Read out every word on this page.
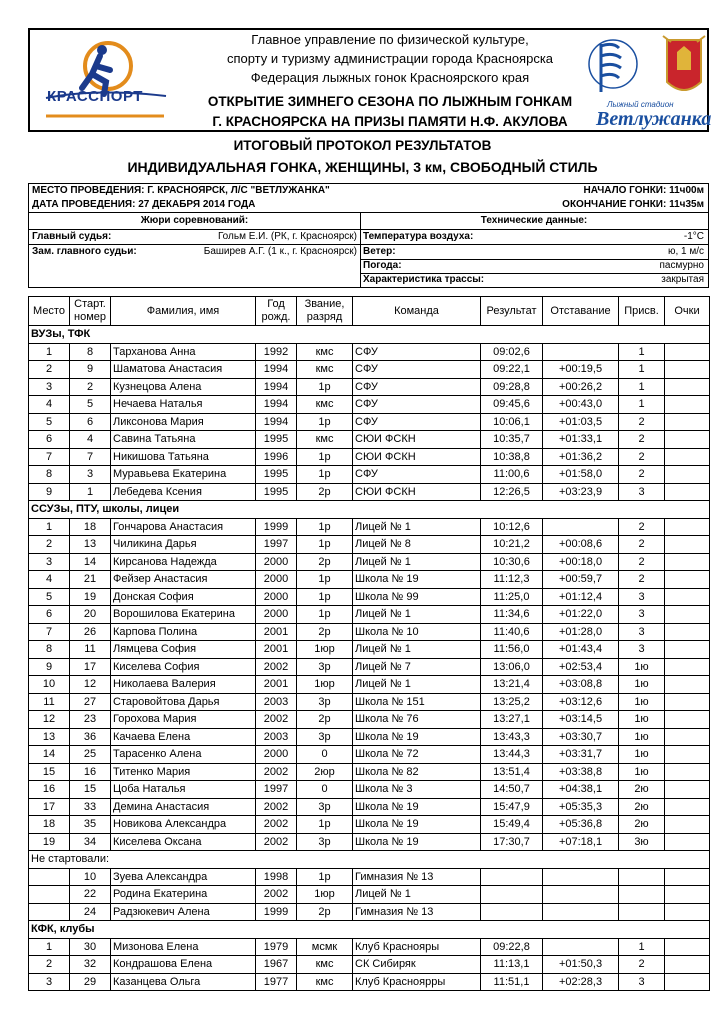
КРАССПОРТ
Главное управление по физической культуре,
спорту и туризму администрации города Красноярска
Федерация лыжных гонок Красноярского края
ОТКРЫТИЕ ЗИМНЕГО СЕЗОНА ПО ЛЫЖНЫМ ГОНКАМ
Г. КРАСНОЯРСКА НА ПРИЗЫ ПАМЯТИ Н.Ф. АКУЛОВА
Лыжный стадион
Ветлужанка
ИТОГОВЫЙ ПРОТОКОЛ РЕЗУЛЬТАТОВ
ИНДИВИДУАЛЬНАЯ ГОНКА, ЖЕНЩИНЫ, 3 км, СВОБОДНЫЙ СТИЛЬ
МЕСТО ПРОВЕДЕНИЯ: Г. КРАСНОЯРСК, Л/С "ВЕТЛУЖАНКА"	НАЧАЛО ГОНКИ: 11ч00м
ДАТА ПРОВЕДЕНИЯ: 27 ДЕКАБРЯ 2014 ГОДА	ОКОНЧАНИЕ ГОНКИ: 11ч35м
Жюри соревнований:	Технические данные:
Главный судья:	Гольм Е.И. (РК, г. Красноярск) Температура воздуха:	-1°C
Зам. главного судьи:	Баширев А.Г. (1 к., г. Красноярск) Ветер:	ю, 1 м/с
Погода:	пасмурно
Характеристика трассы:	закрытая
Место	Старт. номер	Фамилия, имя	Год рожд.	Звание, разряд	Команда	Результат	Отставание	Присв.	Очки
ВУЗы, ТФК									
1	8	Тарханова Анна	1992	кмс	СФУ	09:02,6		1	
2	9	Шаматова Анастасия	1994	кмс	СФУ	09:22,1	+00:19,5	1	
3	2	Кузнецова Алена	1994	1р	СФУ	09:28,8	+00:26,2	1	
4	5	Нечаева Наталья	1994	кмс	СФУ	09:45,6	+00:43,0	1	
5	6	Ликсонова Мария	1994	1р	СФУ	10:06,1	+01:03,5	2	
6	4	Савина Татьяна	1995	кмс	СЮИ ФСКН	10:35,7	+01:33,1	2	
7	7	Никишова Татьяна	1996	1р	СЮИ ФСКН	10:38,8	+01:36,2	2	
8	3	Муравьева Екатерина	1995	1р	СФУ	11:00,6	+01:58,0	2	
9	1	Лебедева Ксения	1995	2р	СЮИ ФСКН	12:26,5	+03:23,9	3	
ССУЗы, ПТУ, школы, лицеи									
1	18	Гончарова Анастасия	1999	1р	Лицей № 1	10:12,6		2	
2	13	Чиликина Дарья	1997	1р	Лицей № 8	10:21,2	+00:08,6	2	
3	14	Кирсанова Надежда	2000	2р	Лицей № 1	10:30,6	+00:18,0	2	
4	21	Фейзер Анастасия	2000	1р	Школа № 19	11:12,3	+00:59,7	2	
5	19	Донская София	2000	1р	Школа № 99	11:25,0	+01:12,4	3	
6	20	Ворошилова Екатерина	2000	1р	Лицей № 1	11:34,6	+01:22,0	3	
7	26	Карпова Полина	2001	2р	Школа № 10	11:40,6	+01:28,0	3	
8	11	Лямцева София	2001	1юр	Лицей № 1	11:56,0	+01:43,4	3	
9	17	Киселева София	2002	3р	Лицей № 7	13:06,0	+02:53,4	1ю	
10	12	Николаева Валерия	2001	1юр	Лицей № 1	13:21,4	+03:08,8	1ю	
11	27	Старовойтова Дарья	2003	3р	Школа № 151	13:25,2	+03:12,6	1ю	
12	23	Горохова Мария	2002	2р	Школа № 76	13:27,1	+03:14,5	1ю	
13	36	Качаева Елена	2003	3р	Школа № 19	13:43,3	+03:30,7	1ю	
14	25	Тарасенко Алена	2000	0	Школа № 72	13:44,3	+03:31,7	1ю	
15	16	Титенко Мария	2002	2юр	Школа № 82	13:51,4	+03:38,8	1ю	
16	15	Цоба Наталья	1997	0	Школа № 3	14:50,7	+04:38,1	2ю	
17	33	Демина Анастасия	2002	3р	Школа № 19	15:47,9	+05:35,3	2ю	
18	35	Новикова Александра	2002	1р	Школа № 19	15:49,4	+05:36,8	2ю	
19	34	Киселева Оксана	2002	3р	Школа № 19	17:30,7	+07:18,1	3ю	
Не стартовали:									
	10	Зуева Александра	1998	1р	Гимназия № 13				
	22	Родина Екатерина	2002	1юр	Лицей № 1				
	24	Радзюкевич Алена	1999	2р	Гимназия № 13				
КФК, клубы									
1	30	Мизонова Елена	1979	мсмк	Клуб Краснояры	09:22,8		1	
2	32	Кондрашова Елена	1967	кмс	СК Сибиряк	11:13,1	+01:50,3	2	
3	29	Казанцева Ольга	1977	кмс	Клуб Красноярры	11:51,1	+02:28,3	3	
